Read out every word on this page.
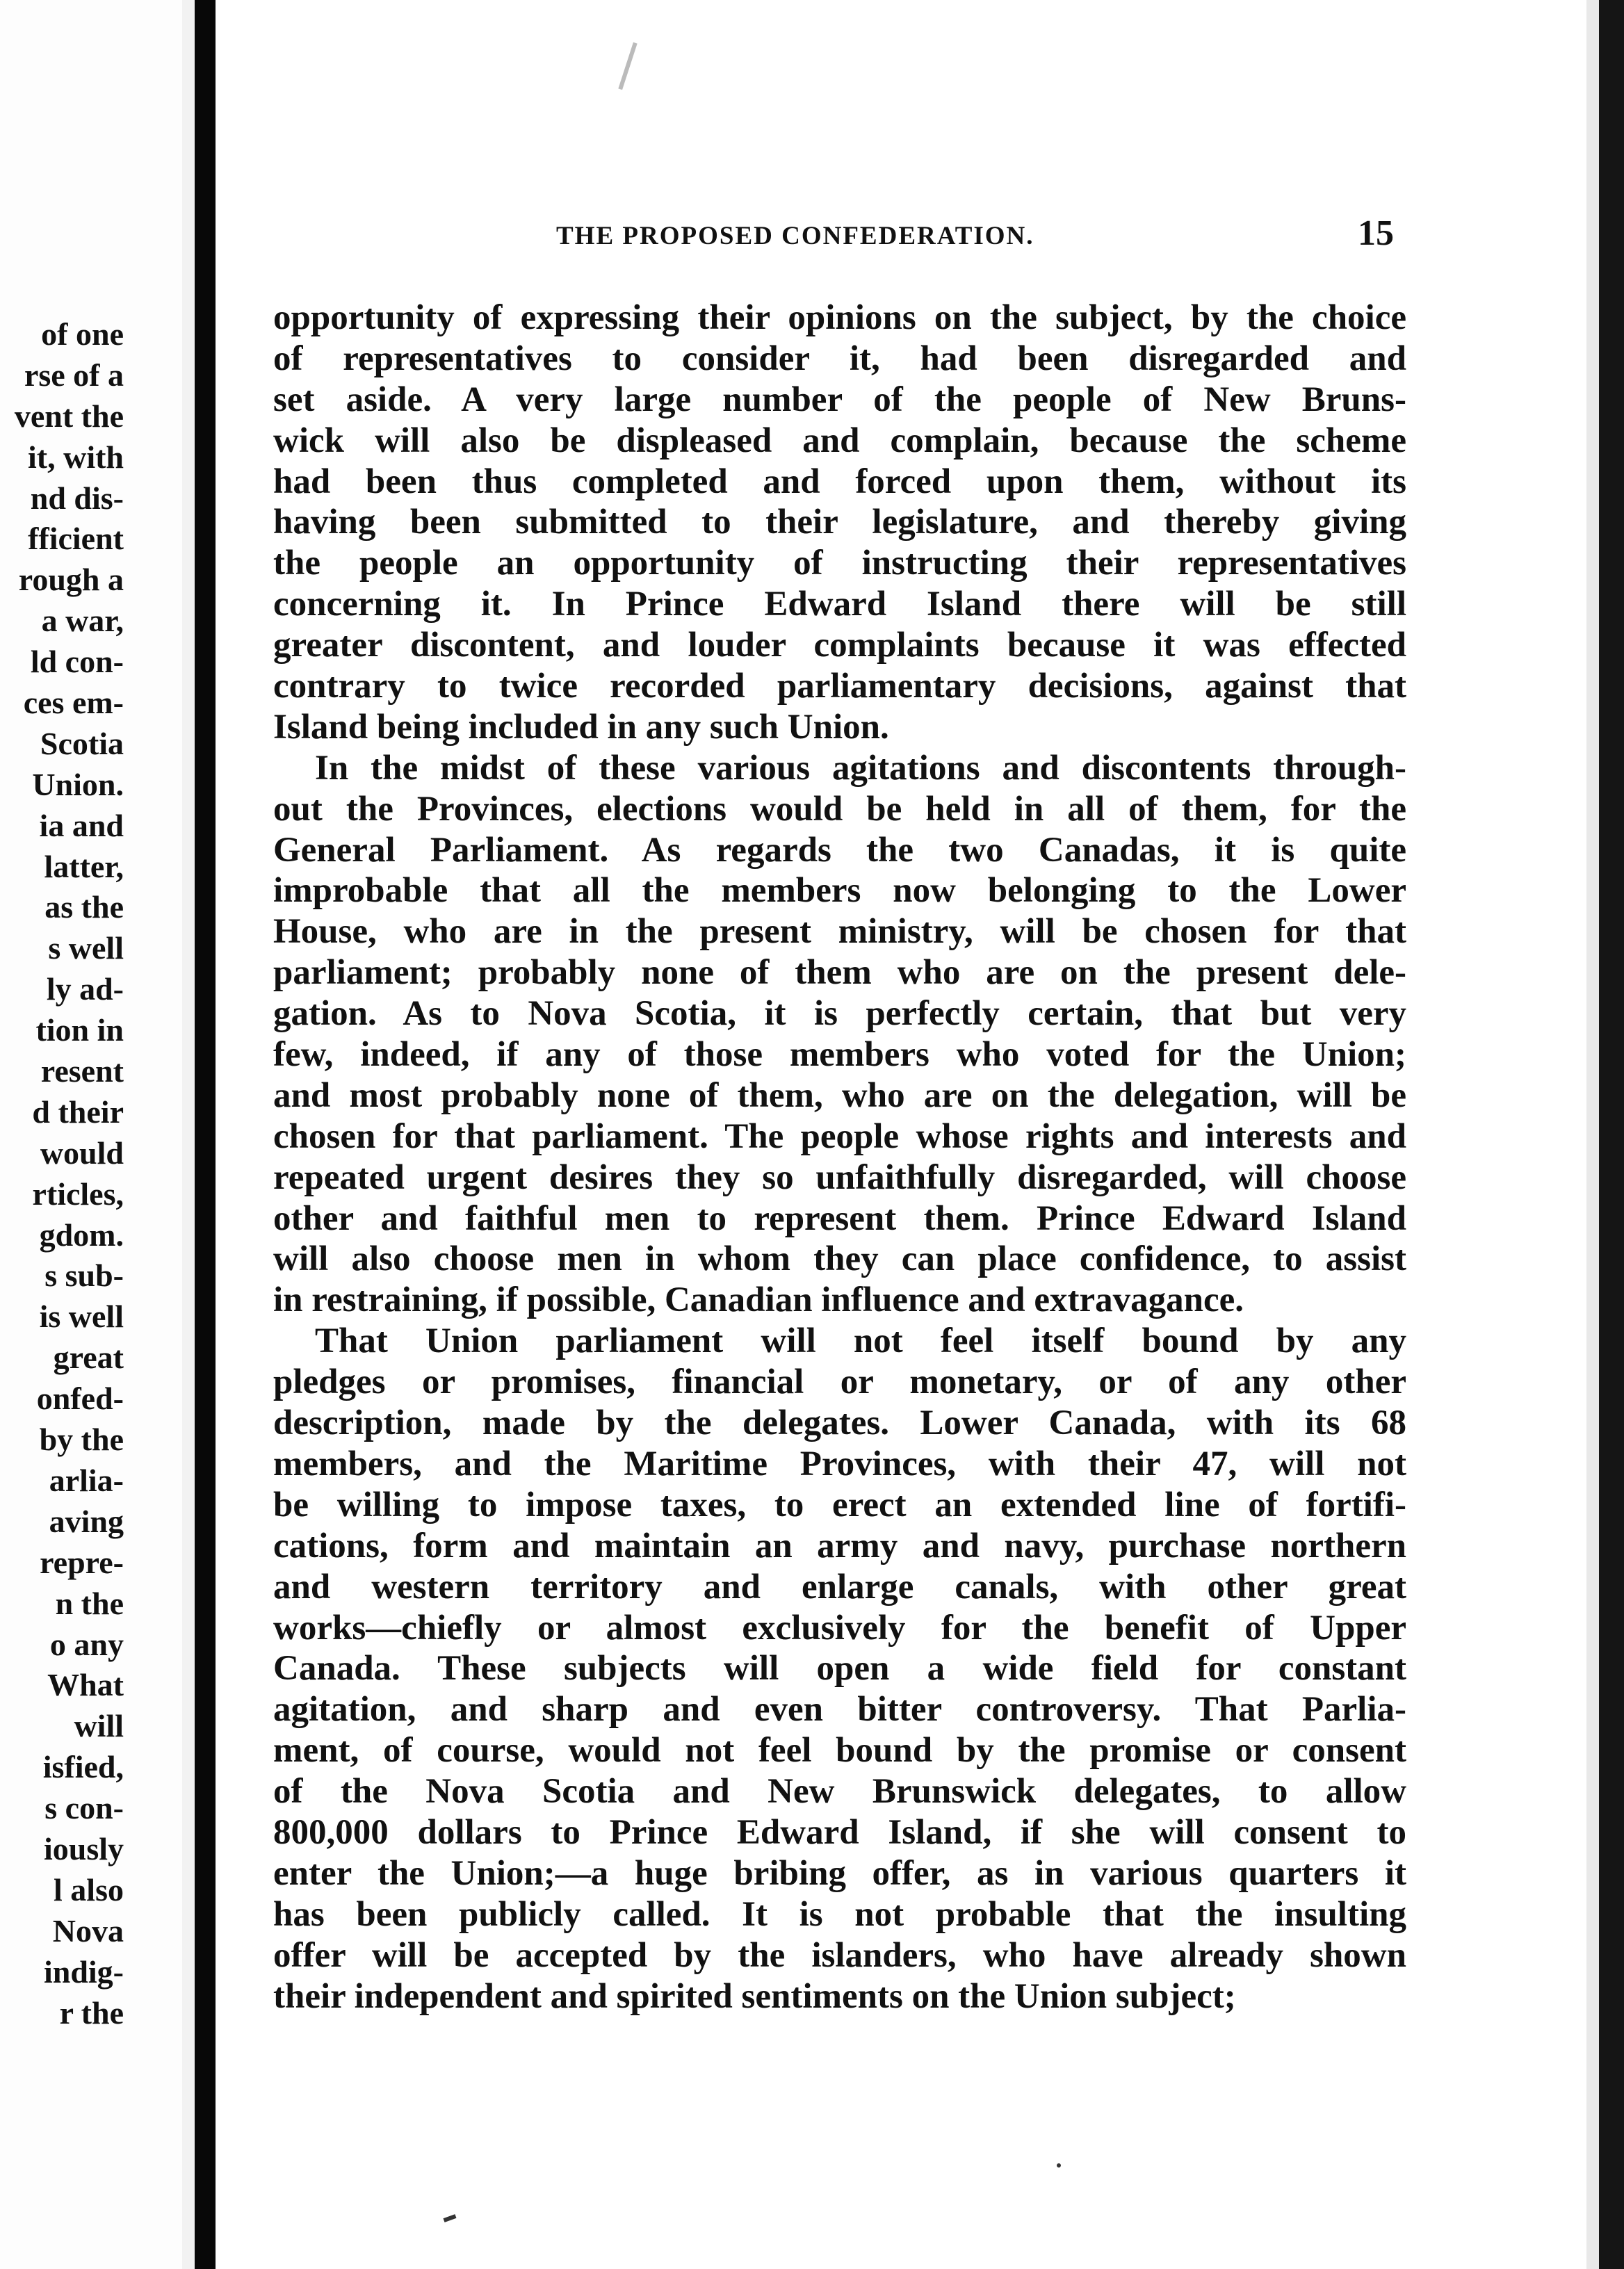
of one
rse of a
vent the
it, with
nd dis-
fficient
rough a
a war,
ld con-
ces em-
Scotia
Union.
ia and
latter,
as the
s well
ly ad-
tion in
resent
d their
would
rticles,
gdom.
s sub-
is well
great
onfed-
by the
arlia-
aving
repre-
n the
o any
What
will
isfied,
s con-
iously
l also
Nova
indig-
r the
THE PROPOSED CONFEDERATION.	15
opportunity of expressing their opinions on the subject, by the choice
of representatives to consider it, had been disregarded and
set aside. A very large number of the people of New Bruns-
wick will also be displeased and complain, because the scheme
had been thus completed and forced upon them, without its
having been submitted to their legislature, and thereby giving
the people an opportunity of instructing their representatives
concerning it. In Prince Edward Island there will be still
greater discontent, and louder complaints because it was effected
contrary to twice recorded parliamentary decisions, against that
Island being included in any such Union.
In the midst of these various agitations and discontents through-
out the Provinces, elections would be held in all of them, for the
General Parliament. As regards the two Canadas, it is quite
improbable that all the members now belonging to the Lower
House, who are in the present ministry, will be chosen for that
parliament; probably none of them who are on the present dele-
gation. As to Nova Scotia, it is perfectly certain, that but very
few, indeed, if any of those members who voted for the Union;
and most probably none of them, who are on the delegation, will be
chosen for that parliament. The people whose rights and interests and
repeated urgent desires they so unfaithfully disregarded, will choose
other and faithful men to represent them. Prince Edward Island
will also choose men in whom they can place confidence, to assist
in restraining, if possible, Canadian influence and extravagance.
That Union parliament will not feel itself bound by any
pledges or promises, financial or monetary, or of any other
description, made by the delegates. Lower Canada, with its 68
members, and the Maritime Provinces, with their 47, will not
be willing to impose taxes, to erect an extended line of fortifi-
cations, form and maintain an army and navy, purchase northern
and western territory and enlarge canals, with other great
works—chiefly or almost exclusively for the benefit of Upper
Canada. These subjects will open a wide field for constant
agitation, and sharp and even bitter controversy. That Parlia-
ment, of course, would not feel bound by the promise or consent
of the Nova Scotia and New Brunswick delegates, to allow
800,000 dollars to Prince Edward Island, if she will consent to
enter the Union;—a huge bribing offer, as in various quarters it
has been publicly called. It is not probable that the insulting
offer will be accepted by the islanders, who have already shown
their independent and spirited sentiments on the Union subject;
